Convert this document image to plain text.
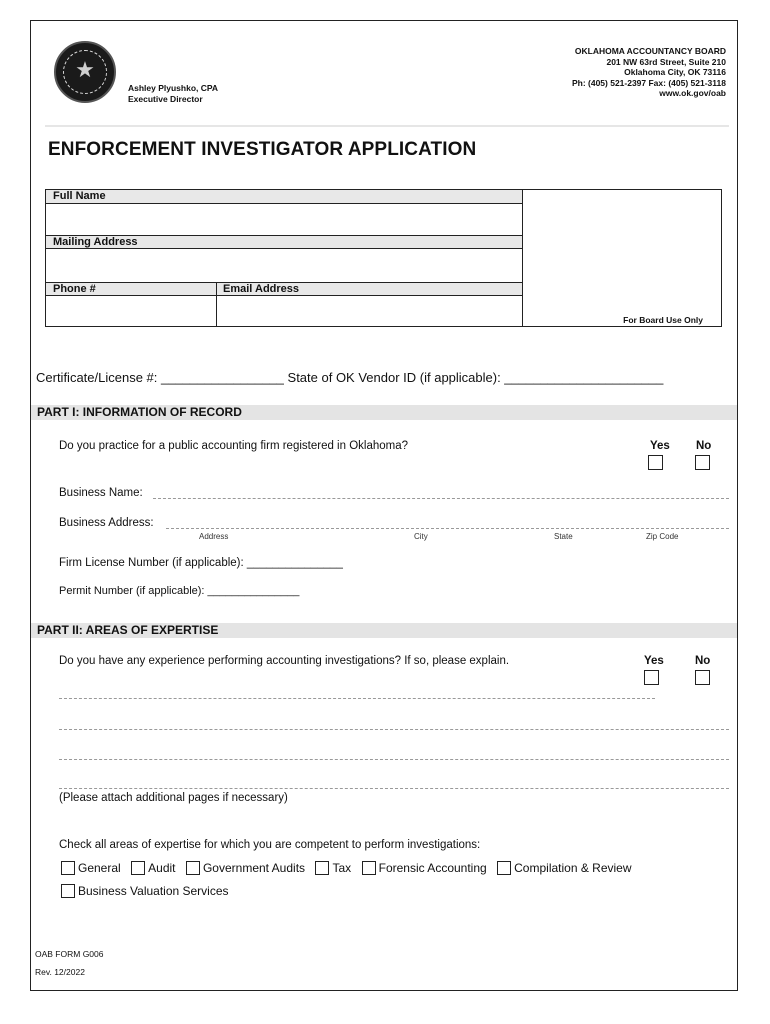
★
Ashley Plyushko, CPA
Executive Director
OKLAHOMA ACCOUNTANCY BOARD
201 NW 63rd Street, Suite 210
Oklahoma City, OK 73116
Ph: (405) 521-2397 Fax: (405) 521-3118
www.ok.gov/oab
ENFORCEMENT INVESTIGATOR APPLICATION
Full Name
Mailing Address
Phone #	Email Address
For Board Use Only
Certificate/License #: _________________ State of OK Vendor ID (if applicable): ______________________
PART I: INFORMATION OF RECORD
Do you practice for a public accounting firm registered in Oklahoma?	Yes No
Business Name:
Business Address:
Address	City	State	Zip Code
Firm License Number (if applicable): _______________
Permit Number (if applicable): _______________
PART II: AREAS OF EXPERTISE
Do you have any experience performing accounting investigations? If so, please explain.	Yes	No
(Please attach additional pages if necessary)
Check all areas of expertise for which you are competent to perform investigations:
General
Audit
Government Audits
Tax
Forensic Accounting
Compilation & Review
Business Valuation Services
OAB FORM G006
Rev. 12/2022
